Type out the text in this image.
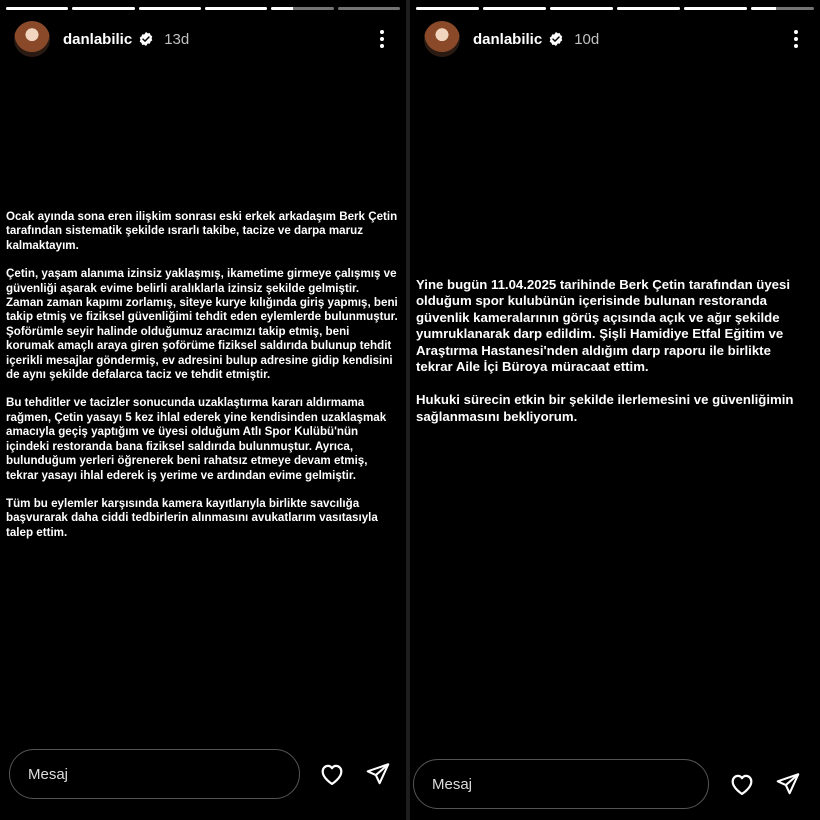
danlabilic 13d

Ocak ayında sona eren ilişkim sonrası eski erkek arkadaşım Berk Çetin tarafından sistematik şekilde ısrarlı takibe, tacize ve darpa maruz kalmaktayım.

Çetin, yaşam alanıma izinsiz yaklaşmış, ikametime girmeye çalışmış ve güvenliği aşarak evime belirli aralıklarla izinsiz şekilde gelmiştir. Zaman zaman kapımı zorlamış, siteye kurye kılığında giriş yapmış, beni takip etmiş ve fiziksel güvenliğimi tehdit eden eylemlerde bulunmuştur. Şoförümle seyir halinde olduğumuz aracımızı takip etmiş, beni korumak amaçlı araya giren şoförüme fiziksel saldırıda bulunup tehdit içerikli mesajlar göndermiş, ev adresini bulup adresine gidip kendisini de aynı şekilde defalarca taciz ve tehdit etmiştir.

Bu tehditler ve tacizler sonucunda uzaklaştırma kararı aldırmama rağmen, Çetin yasayı 5 kez ihlal ederek yine kendisinden uzaklaşmak amacıyla geçiş yaptığım ve üyesi olduğum Atlı Spor Kulübü'nün içindeki restoranda bana fiziksel saldırıda bulunmuştur. Ayrıca, bulunduğum yerleri öğrenerek beni rahatsız etmeye devam etmiş, tekrar yasayı ihlal ederek iş yerime ve ardından evime gelmiştir.

Tüm bu eylemler karşısında kamera kayıtlarıyla birlikte savcılığa başvurarak daha ciddi tedbirlerin alınmasını avukatlarım vasıtasıyla talep ettim.

Mesaj
danlabilic 10d

Yine bugün 11.04.2025 tarihinde Berk Çetin tarafından üyesi olduğum spor kulubünün içerisinde bulunan restoranda güvenlik kameralarının görüş açısında açık ve ağır şekilde yumruklanarak darp edildim. Şişli Hamidiye Etfal Eğitim ve Araştırma Hastanesi'nden aldığım darp raporu ile birlikte tekrar Aile İçi Büroya müracaat ettim.

Hukuki sürecin etkin bir şekilde ilerlemesini ve güvenliğimin sağlanmasını bekliyorum.

Mesaj
